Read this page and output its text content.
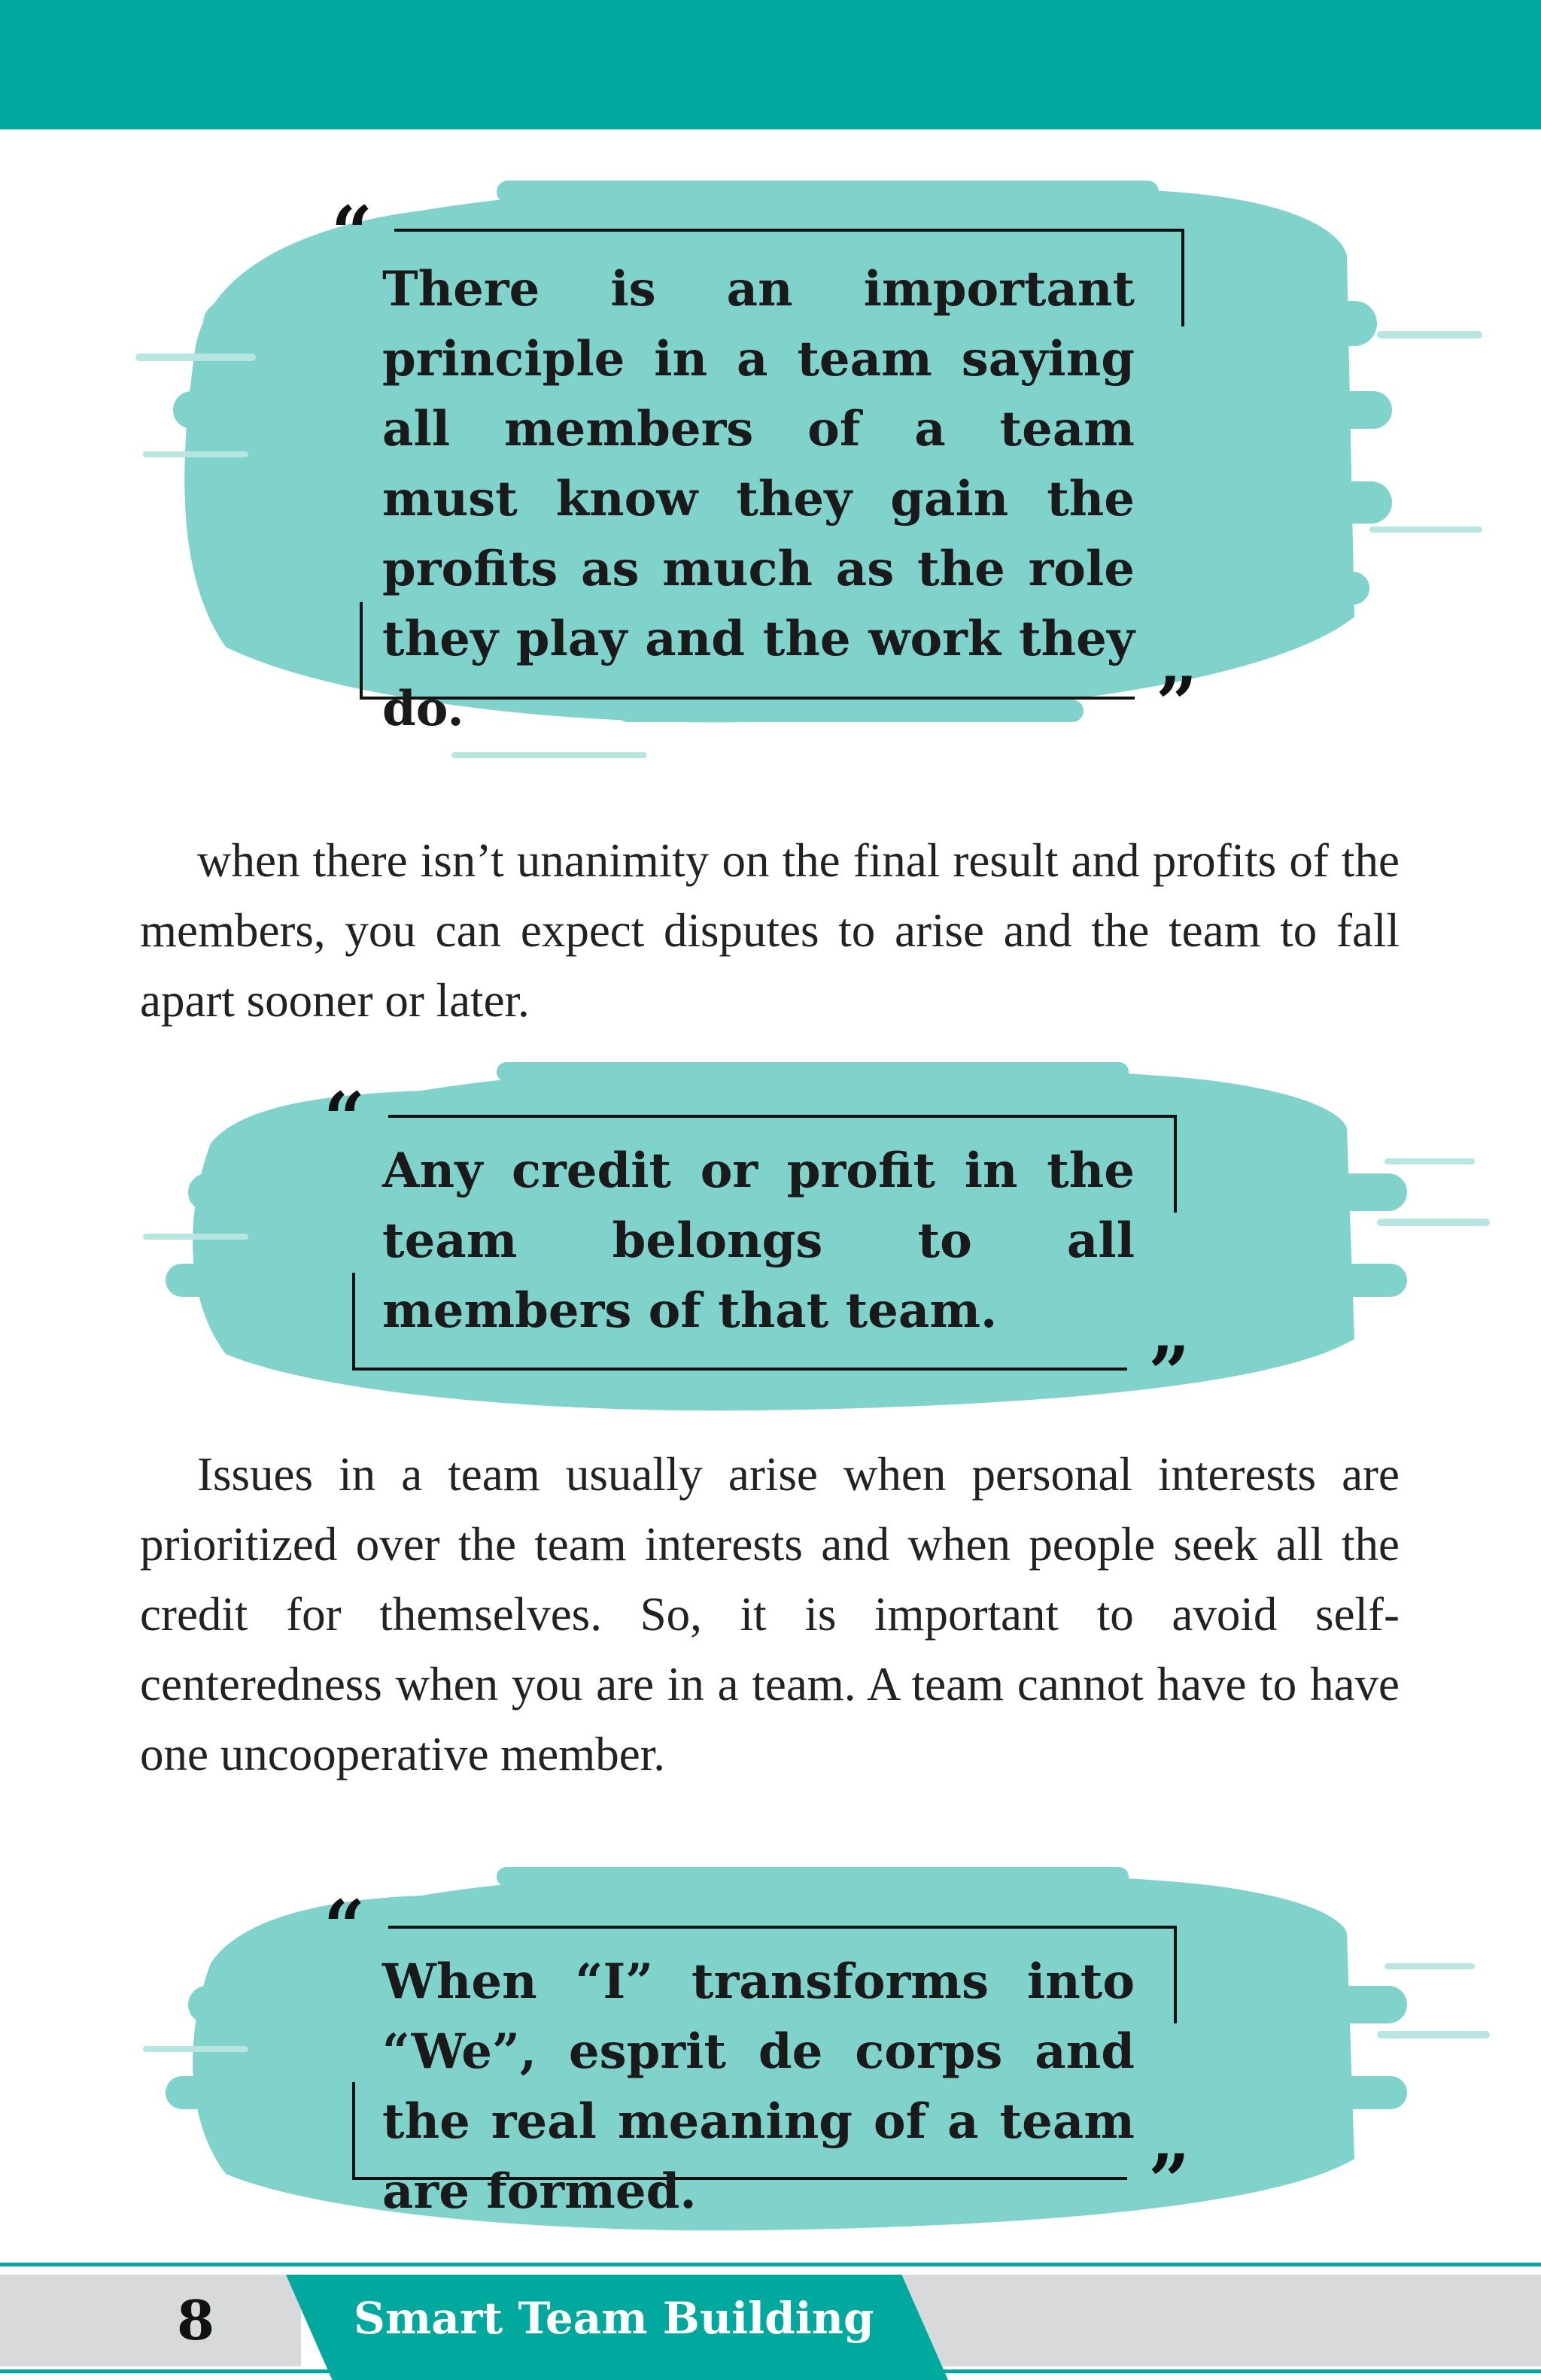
“
”

There is an important principle in a team saying all members of a team must know they gain the profits as much as the role they play and the work they do.

when there isn’t unanimity on the final result and profits of the members, you can expect disputes to arise and the team to fall apart sooner or later.

“
”

Any credit or profit in the team belongs to all members of that team.

Issues in a team usually arise when personal interests are prioritized over the team interests and when people seek all the credit for themselves. So, it is important to avoid self-centeredness when you are in a team. A team cannot have to have one uncooperative member.

“
”

When “I” transforms into “We”, esprit de corps and the real meaning of a team are formed.

8	Smart Team Building
